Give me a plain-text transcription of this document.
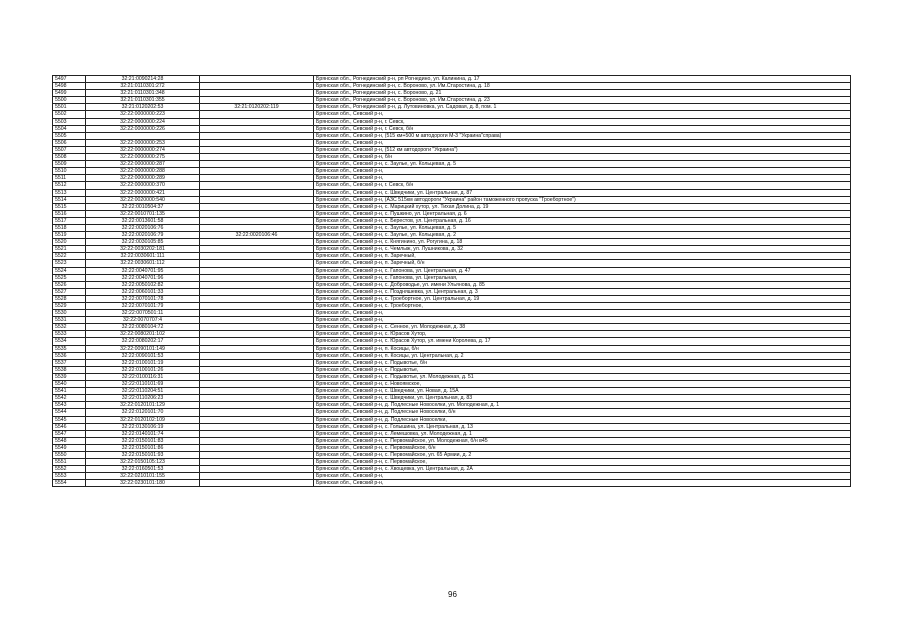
5497	32:21:0090214:28		Брянская обл., Рогнединский р-н, рп Рогнедино, ул. Калинина, д. 17
5498	32:21:0110301:272		Брянская обл., Рогнединский р-н, с. Вороново, ул. Им.Старостина, д. 18
5499	32:21:0110301:348		Брянская обл., Рогнединский р-н, с. Вороново, д. 21
5500	32:21:0110301:355		Брянская обл., Рогнединский р-н, с. Вороново, ул. Им.Старостина, д. 23
5501	32:21:0120202:53	32:21:0120202:119	Брянская обл., Рогнединский р-н, д. Лутовиновка, ул. Садовая, д. 8, пом. 1
5502	32:22:0000000:223		Брянская обл., Севский р-н,
5503	32:22:0000000:224		Брянская обл., Севский р-н, г. Севск,
5504	32:22:0000000:226		Брянская обл., Севский р-н, г. Севск, б/н
5505			Брянская обл., Севский р-н, (515 км+500 м автодороги М-3 "Украина"справа)
5506	32:22:0000000:253		Брянская обл., Севский р-н,
5507	32:22:0000000:274		Брянская обл., Севский р-н, (512 км автодороги "Украина")
5508	32:22:0000000:275		Брянская обл., Севский р-н, б/н
5509	32:22:0000000:287		Брянская обл., Севский р-н, с. Заулье, ул. Кольцевая, д. 5
5510	32:22:0000000:288		Брянская обл., Севский р-н,
5511	32:22:0000000:289		Брянская обл., Севский р-н,
5512	32:22:0000000:370		Брянская обл., Севский р-н, г. Севск, б/н
5513	32:22:0000000:421		Брянская обл., Севский р-н, с. Шведчики, ул. Центральная, д. 87
5514	32:22:0020000:540		Брянская обл., Севский р-н, (АЗС 515км автодороги "Украина" район таможенного пропуска "Троебортное")
5515	32:22:0010504:37		Брянская обл., Севский р-н, с. Марицкий хутор, ул. Тихая Долина, д. 19
5516	32:22:0010701:135		Брянская обл., Севский р-н, с. Пушкино, ул. Центральная, д. 6
5517	32:22:0013601:58		Брянская обл., Севский р-н, с. Берестов, ул. Центральная, д. 16
5518	32:22:0020106:76		Брянская обл., Севский р-н, с. Заулье, ул. Кольцевая, д. 5
5519	32:22:0020106:79	32:22:0020106:46	Брянская обл., Севский р-н, с. Заулье, ул. Кольцевая, д. 2
5520	32:22:0030105:85		Брянская обл., Севский р-н, с. Княгинино, ул. Рогугина, д. 18
5521	32:22:0030202:181		Брянская обл., Севский р-н, с. Чемлыж, ул. Лушникова, д. 32
5522	32:22:0030601:111		Брянская обл., Севский р-н, п. Заречный,
5523	32:22:0030601:112		Брянская обл., Севский р-н, п. Заречный, б/н
5524	32:22:0040701:95		Брянская обл., Севский р-н, с. Гапонова, ул. Центральная, д. 47
5525	32:22:0040701:96		Брянская обл., Севский р-н, с. Гапонова, ул. Центральная,
5526	32:22:0050102:82		Брянская обл., Севский р-н, с. Доброводье, ул. имени Ульянова, д. 85
5527	32:22:0060101:33		Брянская обл., Севский р-н, с. Поздняшевка, ул. Центральная, д. 3
5528	32:22:0070101:78		Брянская обл., Севский р-н, с. Троебортное, ул. Центральная, д. 19
5529	32:22:0070101:79		Брянская обл., Севский р-н, с. Троебортное,
5530	32:22:0070501:11		Брянская обл., Севский р-н,
5531	32:22:0070707:4		Брянская обл., Севский р-н,
5532	32:22:0080104:72		Брянская обл., Севский р-н, с. Сенное, ул. Молодежная, д. 38
5533	32:22:0080201:102		Брянская обл., Севский р-н, с. Юрасов Хутор,
5534	32:22:0080202:17		Брянская обл., Севский р-н, с. Юрасов Хутор, ул. имени Королева, д. 17
5535	32:22:0090101:149		Брянская обл., Севский р-н, п. Косицы, б/н
5536	32:22:0090101:53		Брянская обл., Севский р-н, п. Косицы, ул. Центральная, д. 2
5537	32:22:0100101:19		Брянская обл., Севский р-н, с. Подывотье, б/н
5538	32:22:0100101:26		Брянская обл., Севский р-н, с. Подывотье,
5539	32:22:0100116:31		Брянская обл., Севский р-н, с. Подывотье, ул. Молодежная, д. 51
5540	32:22:0110101:69		Брянская обл., Севский р-н, с. Новоямское,
5541	32:22:0110204:51		Брянская обл., Севский р-н, с. Шведчики, ул. Новая, д. 15А
5542	32:22:0110206:23		Брянская обл., Севский р-н, с. Шведчики, ул. Центральная, д. 83
5543	32:22:0120101:129		Брянская обл., Севский р-н, д. Подлесные Новоселки, ул. Молодежная, д. 1
5544	32:22:0120101:70		Брянская обл., Севский р-н, д. Подлесные Новоселки, б/н
5545	32:22:0120102:109		Брянская обл., Севский р-н, д. Подлесные Новоселки,
5546	32:22:0130106:19		Брянская обл., Севский р-н, с. Голышина, ул. Центральная, д. 13
5547	32:22:0140101:74		Брянская обл., Севский р-н, с. Лемешовка, ул. Молодежная, д. 1
5548	32:22:0150101:83		Брянская обл., Севский р-н, с. Первомайское, ул. Молодежная, б/н в45
5549	32:22:0150101:86		Брянская обл., Севский р-н, с. Первомайское, б/н
5550	32:22:0150101:93		Брянская обл., Севский р-н, с. Первомайское, ул. 65 Армии, д. 2
5551	32:22:0150105:123		Брянская обл., Севский р-н, с. Первомайское,
5552	32:22:0160501:53		Брянская обл., Севский р-н, с. Хвощевка, ул. Центральная, д. 2А
5553	32:22:0210101:155		Брянская обл., Севский р-н,
5554	32:22:0230101:180		Брянская обл., Севский р-н,
96
